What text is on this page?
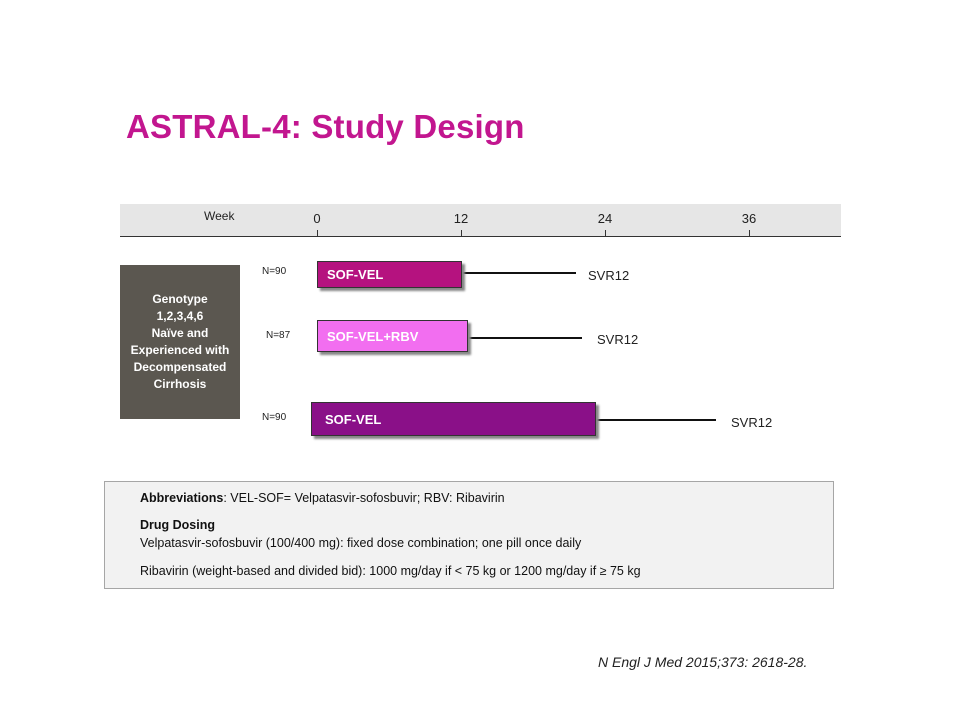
ASTRAL-4: Study Design
Week	0	12	24	36
Genotype
1,2,3,4,6
Naïve and
Experienced with
Decompensated
Cirrhosis
N=90	SOF-VEL	SVR12
N=87	SOF-VEL+RBV	SVR12
N=90	SOF-VEL	SVR12
Abbreviations: VEL-SOF= Velpatasvir-sofosbuvir; RBV: Ribavirin
Drug Dosing
Velpatasvir-sofosbuvir (100/400 mg): fixed dose combination; one pill once daily
Ribavirin (weight-based and divided bid): 1000 mg/day if < 75 kg or 1200 mg/day if ≥ 75 kg
N Engl J Med 2015;373: 2618-28.
